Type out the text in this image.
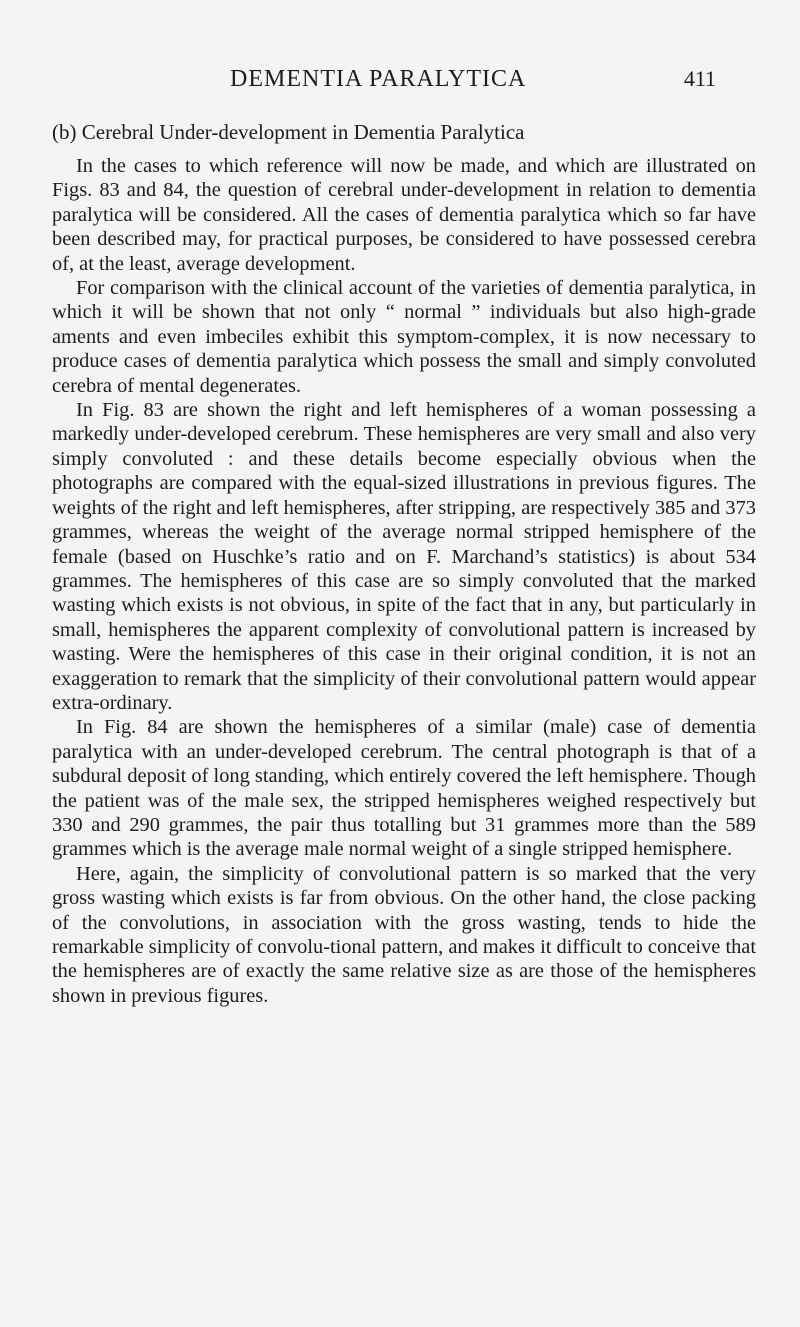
DEMENTIA PARALYTICA	411
(b) Cerebral Under-development in Dementia Paralytica

In the cases to which reference will now be made, and which are illustrated on Figs. 83 and 84, the question of cerebral under-development in relation to dementia paralytica will be considered. All the cases of dementia paralytica which so far have been described may, for practical purposes, be considered to have possessed cerebra of, at the least, average development.

For comparison with the clinical account of the varieties of dementia paralytica, in which it will be shown that not only “ normal ” individuals but also high-grade aments and even imbeciles exhibit this symptom-complex, it is now necessary to produce cases of dementia paralytica which possess the small and simply convoluted cerebra of mental degenerates.

In Fig. 83 are shown the right and left hemispheres of a woman possessing a markedly under-developed cerebrum. These hemispheres are very small and also very simply convoluted : and these details become especially obvious when the photographs are compared with the equal-sized illustrations in previous figures. The weights of the right and left hemispheres, after stripping, are respectively 385 and 373 grammes, whereas the weight of the average normal stripped hemisphere of the female (based on Huschke’s ratio and on F. Marchand’s statistics) is about 534 grammes. The hemispheres of this case are so simply convoluted that the marked wasting which exists is not obvious, in spite of the fact that in any, but particularly in small, hemispheres the apparent complexity of convolutional pattern is increased by wasting. Were the hemispheres of this case in their original condition, it is not an exaggeration to remark that the simplicity of their convolutional pattern would appear extra-ordinary.

In Fig. 84 are shown the hemispheres of a similar (male) case of dementia paralytica with an under-developed cerebrum. The central photograph is that of a subdural deposit of long standing, which entirely covered the left hemisphere. Though the patient was of the male sex, the stripped hemispheres weighed respectively but 330 and 290 grammes, the pair thus totalling but 31 grammes more than the 589 grammes which is the average male normal weight of a single stripped hemisphere.

Here, again, the simplicity of convolutional pattern is so marked that the very gross wasting which exists is far from obvious. On the other hand, the close packing of the convolutions, in association with the gross wasting, tends to hide the remarkable simplicity of convolu-tional pattern, and makes it difficult to conceive that the hemispheres are of exactly the same relative size as are those of the hemispheres shown in previous figures.
